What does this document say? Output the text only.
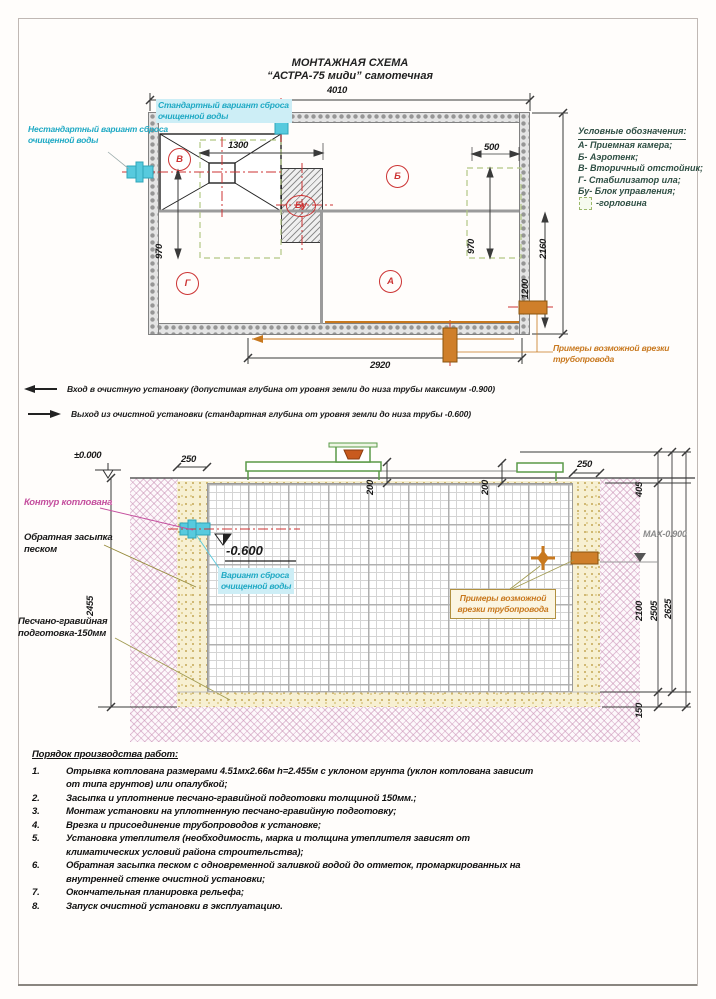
МОНТАЖНАЯ СХЕМА
“АСТРА-75 миди” самотечная
4010
Стандартный вариант сброса очищенной воды
Нестандартный вариант сброса очищенной воды
В
Б
Бу
Г	А
1300	500
970	970	2160
1200
2920
Примеры возможной врезки трубопровода
Условные обозначения:
А- Приемная камера;
Б- Аэротенк;
В- Вторичный отстойник;
Г- Стабилизатор ила;
Бу- Блок управления;
-горловина
Вход в очистную установку (допустимая глубина от уровня земли до низа трубы максимум -0.900)
Выход из очистной установки (стандартная глубина от уровня земли до низа трубы -0.600)
±0.000	250
200	200
250
405
2455	2100 2505 2625
150
MAX-0.900
Контур котлована
Обратная засыпка
песком
Песчано-гравийная
подготовка-150мм
-0.600
Вариант сброса
очищенной воды
Примеры возможной
врезки трубопровода
Порядок производства работ:
1.	Отрывка котлована размерами 4.51мх2.66м h=2.455м с уклоном грунта (уклон котлована зависит от типа грунтов) или опалубкой;
2.	Засыпка и уплотнение песчано-гравийной подготовки толщиной 150мм.;
3.	Монтаж установки на уплотненную песчано-гравийную подготовку;
4.	Врезка и присоединение трубопроводов к установке;
5.	Установка утеплителя (необходимость, марка и толщина утеплителя зависят от климатических условий района строительства);
6.	Обратная засыпка песком с одновременной заливкой водой до отметок, промаркированных на внутренней стенке очистной установки;
7.	Окончательная планировка рельефа;
8.	Запуск очистной установки в эксплуатацию.
